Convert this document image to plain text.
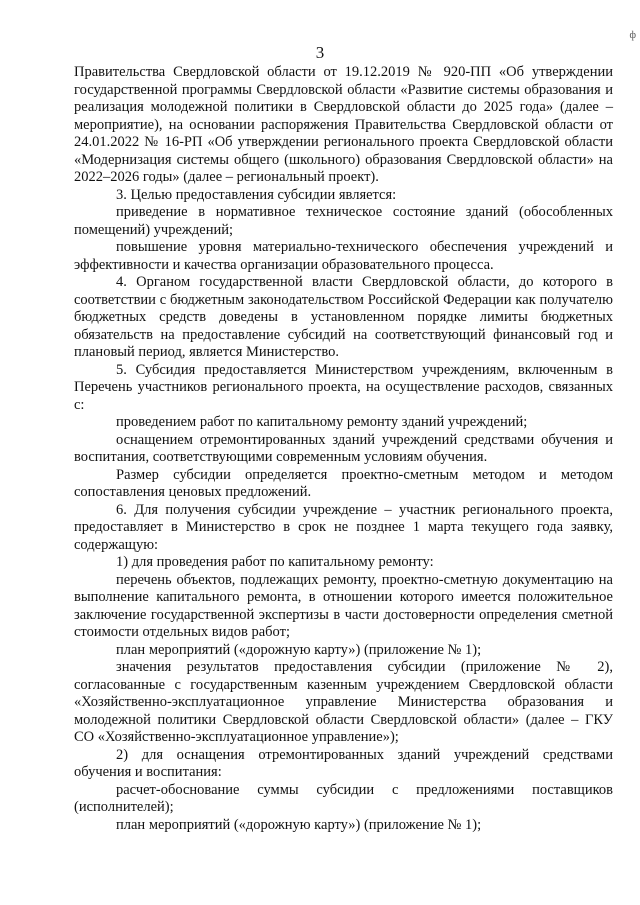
3
ф

Правительства Свердловской области от 19.12.2019 № 920-ПП «Об утверждении государственной программы Свердловской области «Развитие системы образования и реализация молодежной политики в Свердловской области до 2025 года» (далее – мероприятие), на основании распоряжения Правительства Свердловской области от 24.01.2022 № 16-РП «Об утверждении регионального проекта Свердловской области «Модернизация системы общего (школьного) образования Свердловской области» на 2022–2026 годы» (далее – региональный проект).

3. Целью предоставления субсидии является:

приведение в нормативное техническое состояние зданий (обособленных помещений) учреждений;

повышение уровня материально-технического обеспечения учреждений и эффективности и качества организации образовательного процесса.

4. Органом государственной власти Свердловской области, до которого в соответствии с бюджетным законодательством Российской Федерации как получателю бюджетных средств доведены в установленном порядке лимиты бюджетных обязательств на предоставление субсидий на соответствующий финансовый год и плановый период, является Министерство.

5. Субсидия предоставляется Министерством учреждениям, включенным в Перечень участников регионального проекта, на осуществление расходов, связанных с:

проведением работ по капитальному ремонту зданий учреждений;

оснащением отремонтированных зданий учреждений средствами обучения и воспитания, соответствующими современным условиям обучения.

Размер субсидии определяется проектно-сметным методом и методом сопоставления ценовых предложений.

6. Для получения субсидии учреждение – участник регионального проекта, предоставляет в Министерство в срок не позднее 1 марта текущего года заявку, содержащую:

1) для проведения работ по капитальному ремонту:

перечень объектов, подлежащих ремонту, проектно-сметную документацию на выполнение капитального ремонта, в отношении которого имеется положительное заключение государственной экспертизы в части достоверности определения сметной стоимости отдельных видов работ;

план мероприятий («дорожную карту») (приложение № 1);

значения результатов предоставления субсидии (приложение № 2), согласованные с государственным казенным учреждением Свердловской области «Хозяйственно-эксплуатационное управление Министерства образования и молодежной политики Свердловской области Свердловской области» (далее – ГКУ СО «Хозяйственно-эксплуатационное управление»);

2) для оснащения отремонтированных зданий учреждений средствами обучения и воспитания:

расчет-обоснование суммы субсидии с предложениями поставщиков (исполнителей);

план мероприятий («дорожную карту») (приложение № 1);
